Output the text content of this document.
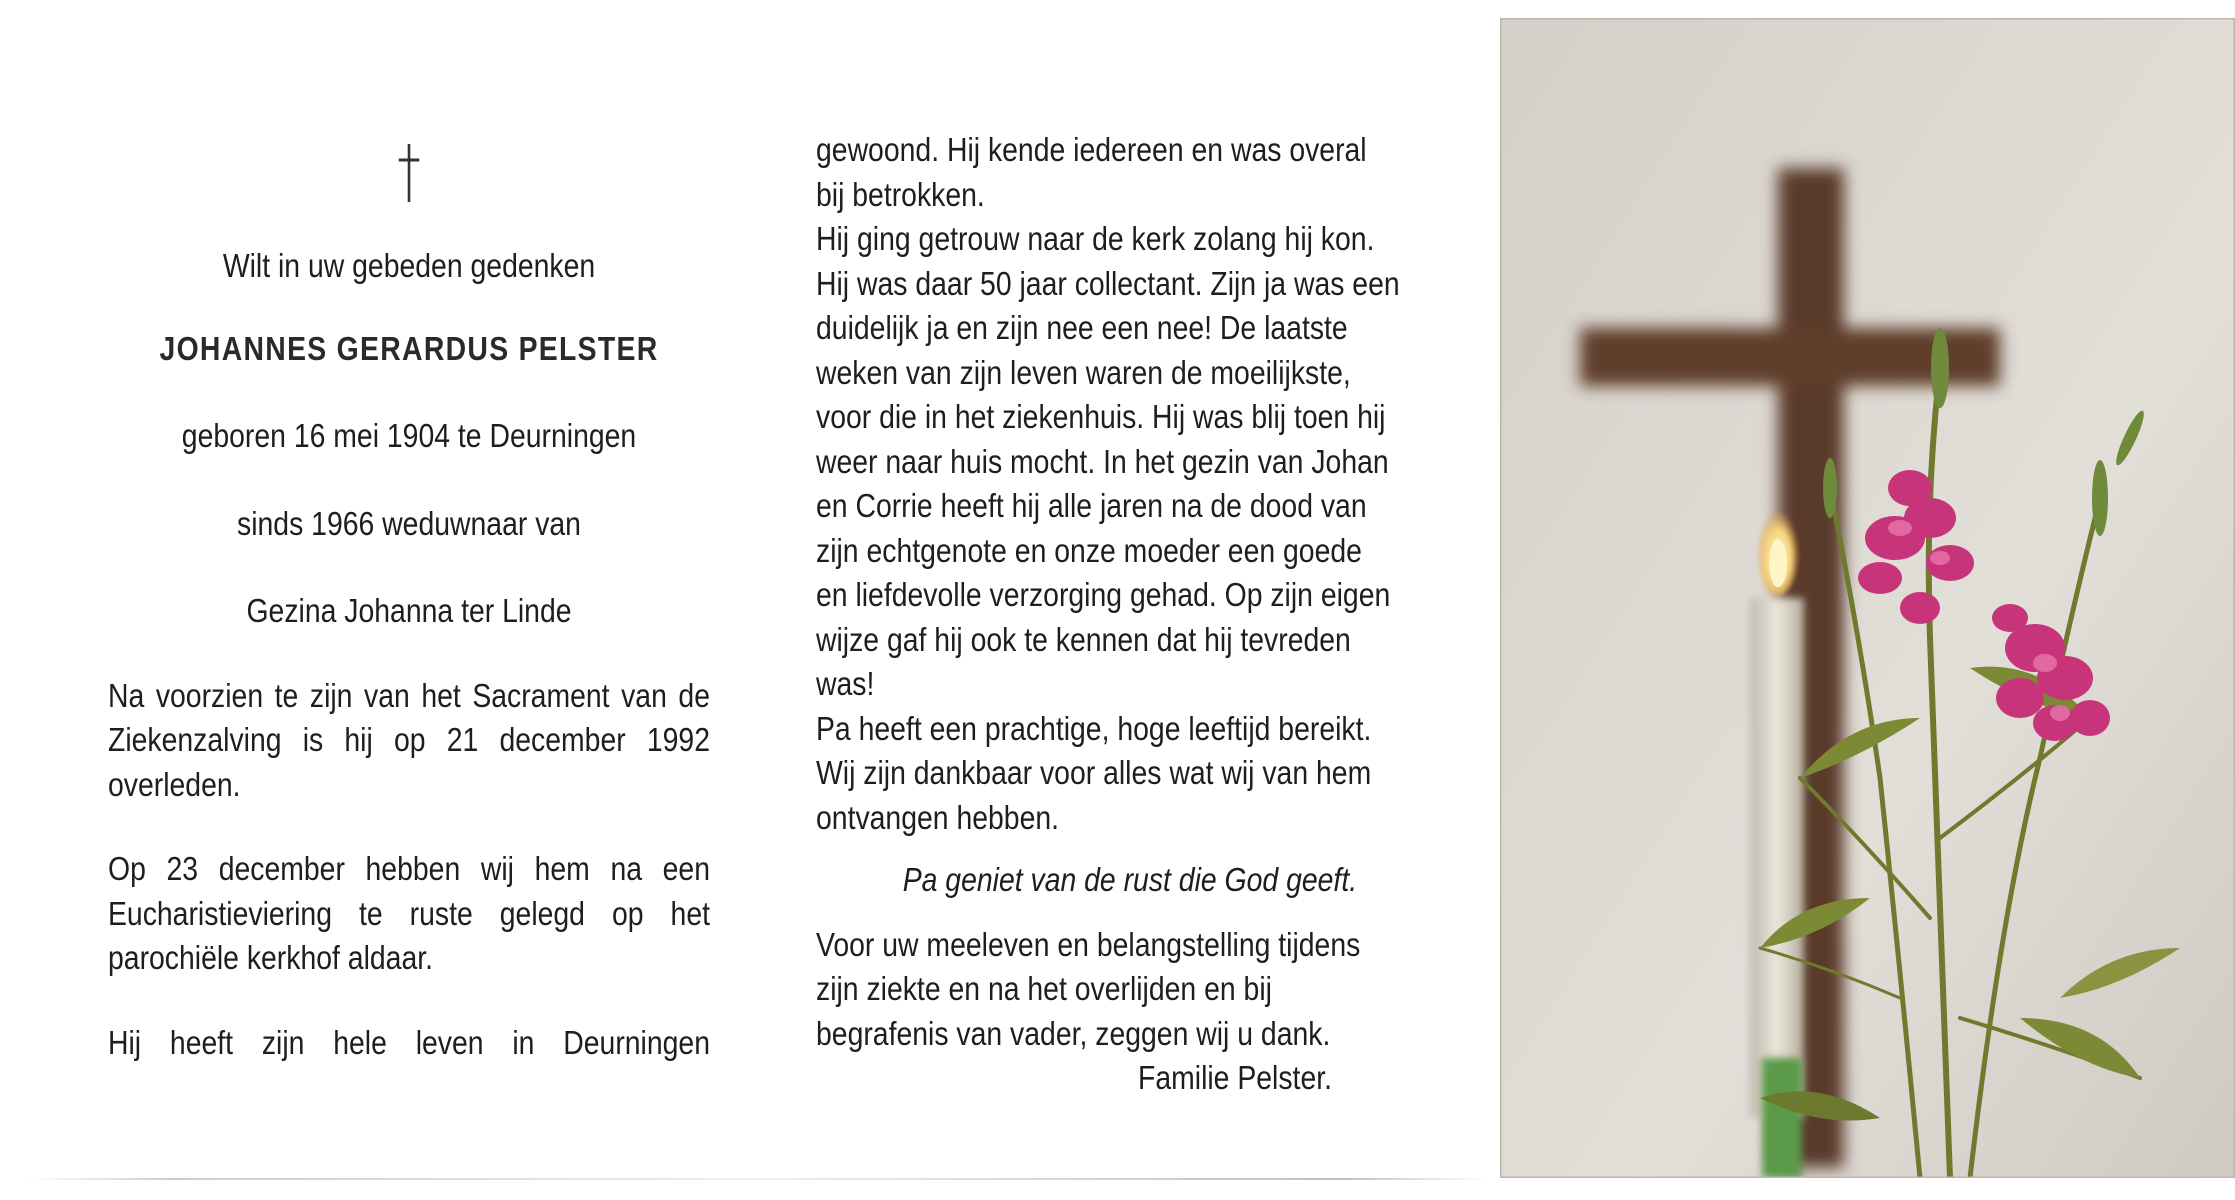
Wilt in uw gebeden gedenken
JOHANNES GERARDUS PELSTER
geboren 16 mei 1904 te Deurningen
sinds 1966 weduwnaar van
Gezina Johanna ter Linde
Na voorzien te zijn van het Sacrament van de Ziekenzalving is hij op 21 december 1992 overleden.
Op 23 december hebben wij hem na een Eucharistieviering te ruste gelegd op het parochiële kerkhof aldaar.
Hij heeft zijn hele leven in Deurningen
gewoond. Hij kende iedereen en was overal
bij betrokken.
Hij ging getrouw naar de kerk zolang hij kon.
Hij was daar 50 jaar collectant. Zijn ja was een
duidelijk ja en zijn nee een nee! De laatste
weken van zijn leven waren de moeilijkste,
voor die in het ziekenhuis. Hij was blij toen hij
weer naar huis mocht. In het gezin van Johan
en Corrie heeft hij alle jaren na de dood van
zijn echtgenote en onze moeder een goede
en liefdevolle verzorging gehad. Op zijn eigen
wijze gaf hij ook te kennen dat hij tevreden
was!
Pa heeft een prachtige, hoge leeftijd bereikt.
Wij zijn dankbaar voor alles wat wij van hem
ontvangen hebben.
Pa geniet van de rust die God geeft.
Voor uw meeleven en belangstelling tijdens
zijn ziekte en na het overlijden en bij
begrafenis van vader, zeggen wij u dank.
Familie Pelster.
